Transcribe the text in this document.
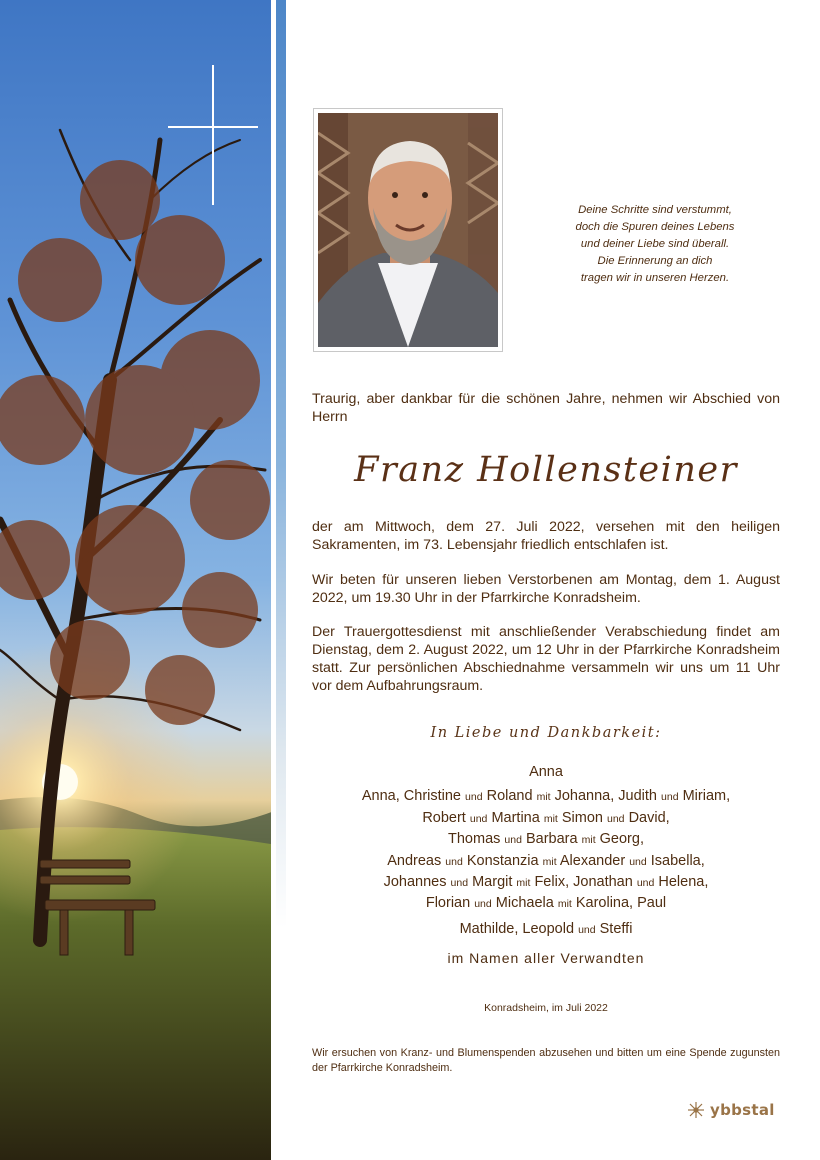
Deine Schritte sind verstummt,
doch die Spuren deines Lebens
und deiner Liebe sind überall.
Die Erinnerung an dich
tragen wir in unseren Herzen.
Traurig, aber dankbar für die schönen Jahre, nehmen wir Abschied von Herrn
Franz Hollensteiner
der am Mittwoch, dem 27. Juli 2022, versehen mit den heiligen Sakramenten, im 73. Lebensjahr friedlich entschlafen ist.
Wir beten für unseren lieben Verstorbenen am Montag, dem 1. August 2022, um 19.30 Uhr in der Pfarrkirche Konradsheim.
Der Trauergottesdienst mit anschließender Verabschiedung findet am Dienstag, dem 2. August 2022, um 12 Uhr in der Pfarrkirche Konradsheim statt. Zur persönlichen Abschiednahme versammeln wir uns um 11 Uhr vor dem Aufbahrungsraum.
In Liebe und Dankbarkeit:
Anna
Anna, Christine und Roland mit Johanna, Judith und Miriam,
Robert und Martina mit Simon und David,
Thomas und Barbara mit Georg,
Andreas und Konstanzia mit Alexander und Isabella,
Johannes und Margit mit Felix, Jonathan und Helena,
Florian und Michaela mit Karolina, Paul
Mathilde, Leopold und Steffi
im Namen aller Verwandten
Konradsheim, im Juli 2022
Wir ersuchen von Kranz- und Blumenspenden abzusehen und bitten um eine Spende zugunsten der Pfarrkirche Konradsheim.
ybbstal
